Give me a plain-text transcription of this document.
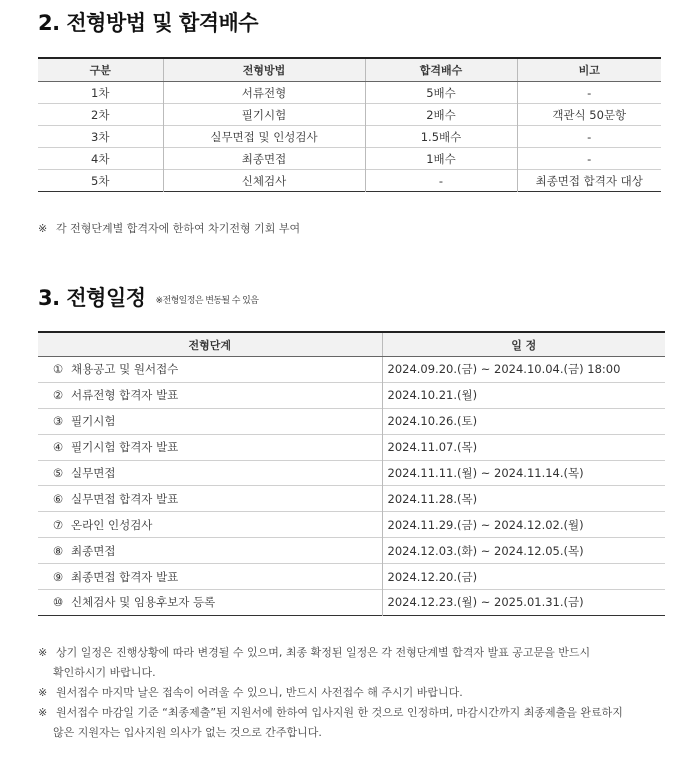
2. 전형방법 및 합격배수
구분	전형방법	합격배수	비고
1차	서류전형	5배수	-
2차	필기시험	2배수	객관식 50문항
3차	실무면접 및 인성검사	1.5배수	-
4차	최종면접	1배수	-
5차	신체검사	-	최종면접 합격자 대상

※ 각 전형단계별 합격자에 한하여 차기전형 기회 부여

3. 전형일정 $^{※전형일정은 변동될 수 있음}$
전형단계	일 정
① 채용공고 및 원서접수	2024.09.20.(금) ~ 2024.10.04.(금) 18:00
② 서류전형 합격자 발표	2024.10.21.(월)
③ 필기시험	2024.10.26.(토)
④ 필기시험 합격자 발표	2024.11.07.(목)
⑤ 실무면접	2024.11.11.(월) ~ 2024.11.14.(목)
⑥ 실무면접 합격자 발표	2024.11.28.(목)
⑦ 온라인 인성검사	2024.11.29.(금) ~ 2024.12.02.(월)
⑧ 최종면접	2024.12.03.(화) ~ 2024.12.05.(목)
⑨ 최종면접 합격자 발표	2024.12.20.(금)
⑩ 신체검사 및 임용후보자 등록	2024.12.23.(월) ~ 2025.01.31.(금)
※ 상기 일정은 진행상황에 따라 변경될 수 있으며, 최종 확정된 일정은 각 전형단계별 합격자 발표 공고문을 반드시
확인하시기 바랍니다.
※ 원서접수 마지막 날은 접속이 어려울 수 있으니, 반드시 사전접수 해 주시기 바랍니다.
※ 원서접수 마감일 기준 “최종제출”된 지원서에 한하여 입사지원 한 것으로 인정하며, 마감시간까지 최종제출을 완료하지
않은 지원자는 입사지원 의사가 없는 것으로 간주합니다.
